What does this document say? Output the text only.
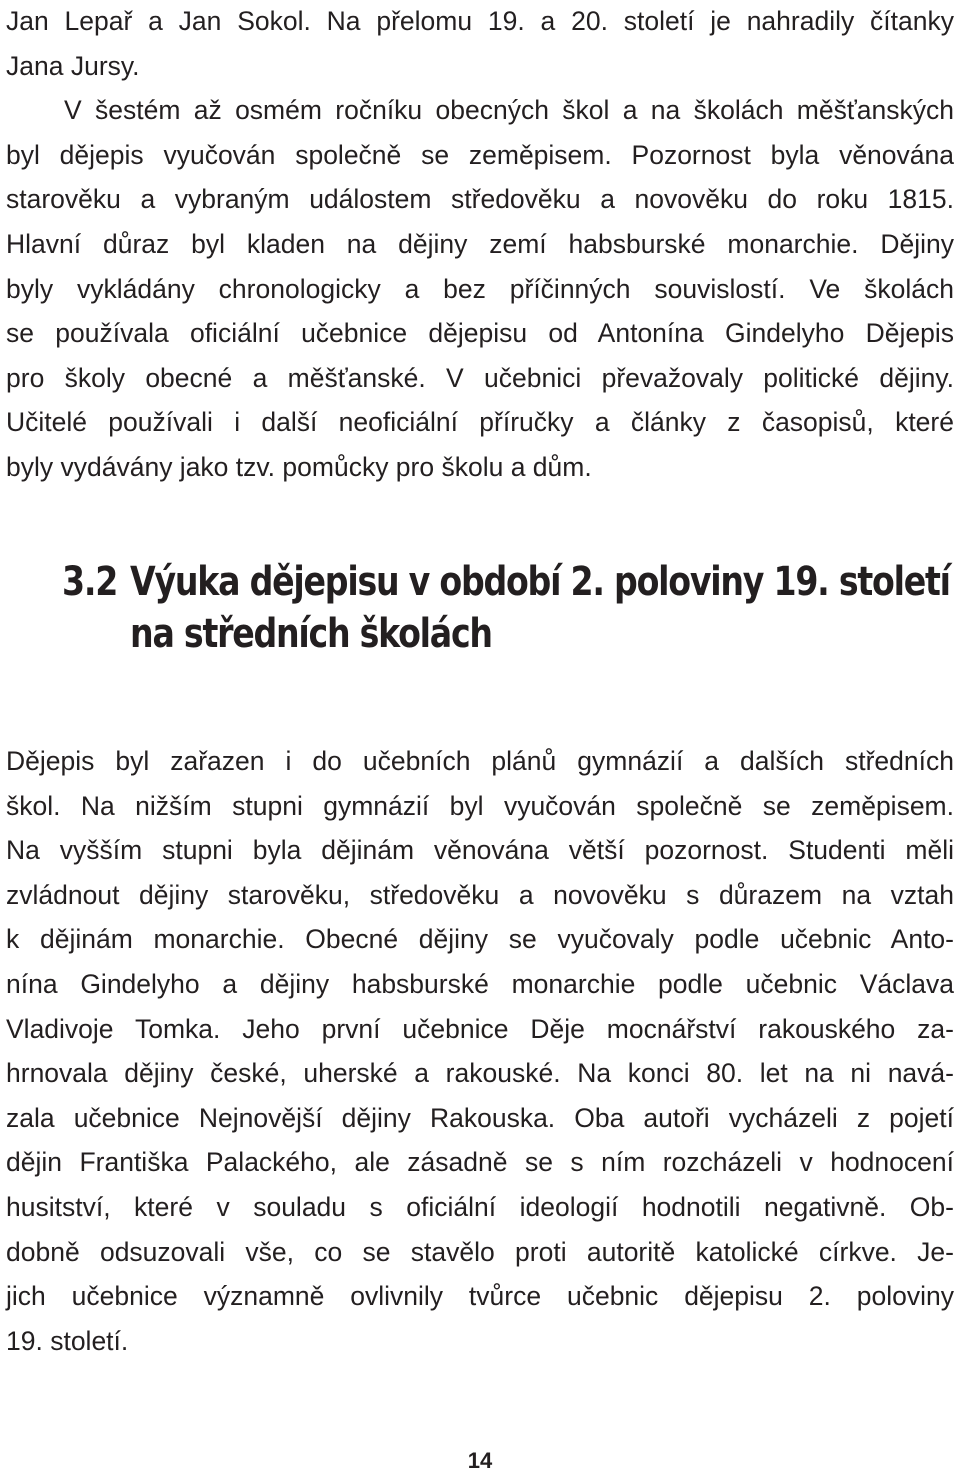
Jan Lepař a Jan Sokol. Na přelomu 19. a 20. století je nahradily čítanky
Jana Jursy.
V šestém až osmém ročníku obecných škol a na školách měšťanských
byl dějepis vyučován společně se zeměpisem. Pozornost byla věnována
starověku a vybraným událostem středověku a novověku do roku 1815.
Hlavní důraz byl kladen na dějiny zemí habsburské monarchie. Dějiny
byly vykládány chronologicky a bez příčinných souvislostí. Ve školách
se používala oficiální učebnice dějepisu od Antonína Gindelyho Dějepis
pro školy obecné a měšťanské. V učebnici převažovaly politické dějiny.
Učitelé používali i další neoficiální příručky a články z časopisů, které
byly vydávány jako tzv. pomůcky pro školu a dům.
3.2 Výuka dějepisu v období 2. poloviny 19. století
na středních školách
Dějepis byl zařazen i do učebních plánů gymnázií a dalších středních
škol. Na nižším stupni gymnázií byl vyučován společně se zeměpisem.
Na vyšším stupni byla dějinám věnována větší pozornost. Studenti měli
zvládnout dějiny starověku, středověku a novověku s důrazem na vztah
k dějinám monarchie. Obecné dějiny se vyučovaly podle učebnic Anto-
nína Gindelyho a dějiny habsburské monarchie podle učebnic Václava
Vladivoje Tomka. Jeho první učebnice Děje mocnářství rakouského za-
hrnovala dějiny české, uherské a rakouské. Na konci 80. let na ni navá-
zala učebnice Nejnovější dějiny Rakouska. Oba autoři vycházeli z pojetí
dějin Františka Palackého, ale zásadně se s ním rozcházeli v hodnocení
husitství, které v souladu s oficiální ideologií hodnotili negativně. Ob-
dobně odsuzovali vše, co se stavělo proti autoritě katolické církve. Je-
jich učebnice významně ovlivnily tvůrce učebnic dějepisu 2. poloviny
19. století.
14
